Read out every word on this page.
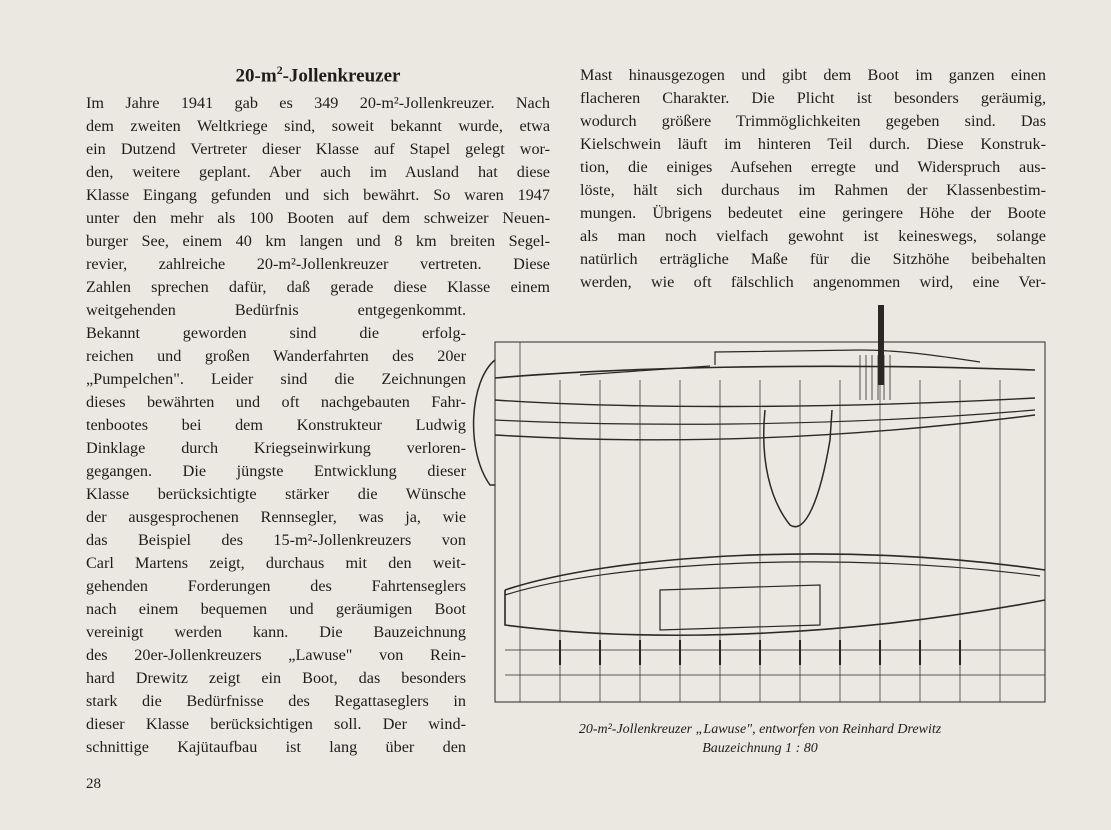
$20-m^2$-Jollenkreuzer
Im Jahre 1941 gab es 349 20-m²-Jollenkreuzer. Nach
dem zweiten Weltkriege sind, soweit bekannt wurde, etwa
ein Dutzend Vertreter dieser Klasse auf Stapel gelegt wor-
den, weitere geplant. Aber auch im Ausland hat diese
Klasse Eingang gefunden und sich bewährt. So waren 1947
unter den mehr als 100 Booten auf dem schweizer Neuen-
burger See, einem 40 km langen und 8 km breiten Segel-
revier, zahlreiche 20-m²-Jollenkreuzer vertreten. Diese
Zahlen sprechen dafür, daß gerade diese Klasse einem
weitgehenden Bedürfnis entgegenkommt.
Bekannt geworden sind die erfolg-
reichen und großen Wanderfahrten des 20er
„Pumpelchen". Leider sind die Zeichnungen
dieses bewährten und oft nachgebauten Fahr-
tenbootes bei dem Konstrukteur Ludwig
Dinklage durch Kriegseinwirkung verloren-
gegangen. Die jüngste Entwicklung dieser
Klasse berücksichtigte stärker die Wünsche
der ausgesprochenen Rennsegler, was ja, wie
das Beispiel des 15-m²-Jollenkreuzers von
Carl Martens zeigt, durchaus mit den weit-
gehenden Forderungen des Fahrtenseglers
nach einem bequemen und geräumigen Boot
vereinigt werden kann. Die Bauzeichnung
des 20er-Jollenkreuzers „Lawuse" von Rein-
hard Drewitz zeigt ein Boot, das besonders
stark die Bedürfnisse des Regattaseglers in
dieser Klasse berücksichtigen soll. Der wind-
schnittige Kajütaufbau ist lang über den
Mast hinausgezogen und gibt dem Boot im ganzen einen
flacheren Charakter. Die Plicht ist besonders geräumig,
wodurch größere Trimmöglichkeiten gegeben sind. Das
Kielschwein läuft im hinteren Teil durch. Diese Konstruk-
tion, die einiges Aufsehen erregte und Widerspruch aus-
löste, hält sich durchaus im Rahmen der Klassenbestim-
mungen. Übrigens bedeutet eine geringere Höhe der Boote
als man noch vielfach gewohnt ist keineswegs, solange
natürlich erträgliche Maße für die Sitzhöhe beibehalten
werden, wie oft fälschlich angenommen wird, eine Ver-
20-m²-Jollenkreuzer „Lawuse", entworfen von Reinhard Drewitz
Bauzeichnung 1 : 80
28
